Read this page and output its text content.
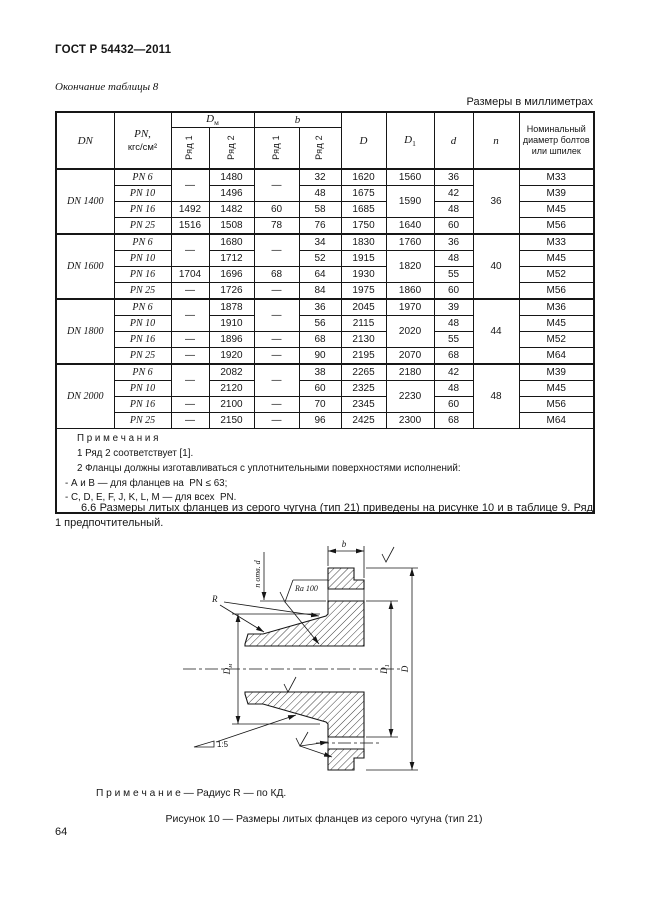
ГОСТ Р 54432—2011
Окончание таблицы 8
Размеры в миллиметрах
DN	PN,
кгс/см²	$D_м$		b		D	$D_1$	d	n	Номинальный диаметр болтов или шпилек
		Ряд 1	Ряд 2	Ряд 1	Ряд 2					
DN 1400	PN 6	—	1480	—	32	1620	1560	36	36	M33
	PN 10		1496		48	1675	1590	42		M39
	PN 16	1492	1482	60	58	1685		48		M45
	PN 25	1516	1508	78	76	1750	1640	60		M56
DN 1600	PN 6	—	1680	—	34	1830	1760	36	40	M33
	PN 10		1712		52	1915	1820	48		M45
	PN 16	1704	1696	68	64	1930		55		M52
	PN 25	—	1726	—	84	1975	1860	60		M56
DN 1800	PN 6	—	1878	—	36	2045	1970	39	44	M36
	PN 10		1910		56	2115	2020	48		M45
	PN 16	—	1896	—	68	2130		55		M52
	PN 25	—	1920	—	90	2195	2070	68		M64
DN 2000	PN 6	—	2082	—	38	2265	2180	42	48	M39
	PN 10		2120		60	2325	2230	48		M45
	PN 16	—	2100	—	70	2345		60		M56
	PN 25	—	2150	—	96	2425	2300	68		M64

П р и м е ч а н и я
1 Ряд 2 соответствует [1].
2 Фланцы должны изготавливаться с уплотнительными поверхностями исполнений:
- А и В — для фланцев на  PN ≤ 63;
- C, D, E, F, J, K, L, M — для всех  PN.										
6.6 Размеры литых фланцев из серого чугуна (тип 21) приведены на рисунке 10 и в таблице 9. Ряд 1 предпочтительный.
b
n отв. d
Ra 100
R
$D_м$
$D_1$ D
1:5
П р и м е ч а н и е — Радиус R — по КД.
Рисунок 10 — Размеры литых фланцев из серого чугуна (тип 21)
64
